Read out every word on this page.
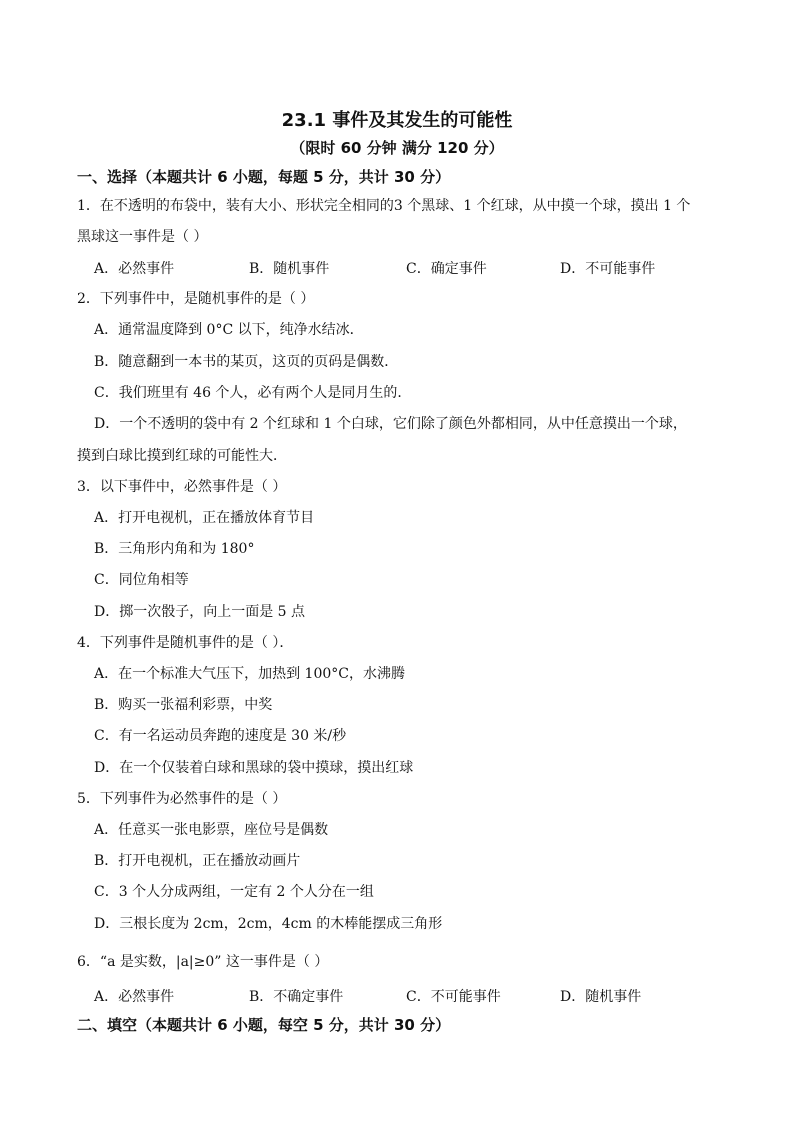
23.1 事件及其发生的可能性
（限时 60 分钟 满分 120 分）
一、选择（本题共计 6 小题，每题 5 分，共计 30 分）
1．在不透明的布袋中，装有大小、形状完全相同的3 个黑球、1 个红球，从中摸一个球，摸出 1 个
黑球这一事件是（ ）
A．必然事件	B．随机事件	C．确定事件	D．不可能事件
2．下列事件中，是随机事件的是（ ）
A．通常温度降到 0°C 以下，纯净水结冰．
B．随意翻到一本书的某页，这页的页码是偶数．
C．我们班里有 46 个人，必有两个人是同月生的．
D．一个不透明的袋中有 2 个红球和 1 个白球，它们除了颜色外都相同，从中任意摸出一个球，
摸到白球比摸到红球的可能性大．
3．以下事件中，必然事件是（ ）
A．打开电视机，正在播放体育节目
B．三角形内角和为 180°
C．同位角相等
D．掷一次骰子，向上一面是 5 点
4．下列事件是随机事件的是（ ）．
A．在一个标准大气压下，加热到 100°C，水沸腾
B．购买一张福利彩票，中奖
C．有一名运动员奔跑的速度是 30 米/秒
D．在一个仅装着白球和黑球的袋中摸球，摸出红球
5．下列事件为必然事件的是（ ）
A．任意买一张电影票，座位号是偶数
B．打开电视机，正在播放动画片
C．3 个人分成两组，一定有 2 个人分在一组
D．三根长度为 2cm，2cm，4cm 的木棒能摆成三角形
6．“a 是实数，|a|≥0” 这一事件是（ ）
A．必然事件	B．不确定事件	C．不可能事件	D．随机事件
二、填空（本题共计 6 小题，每空 5 分，共计 30 分）
